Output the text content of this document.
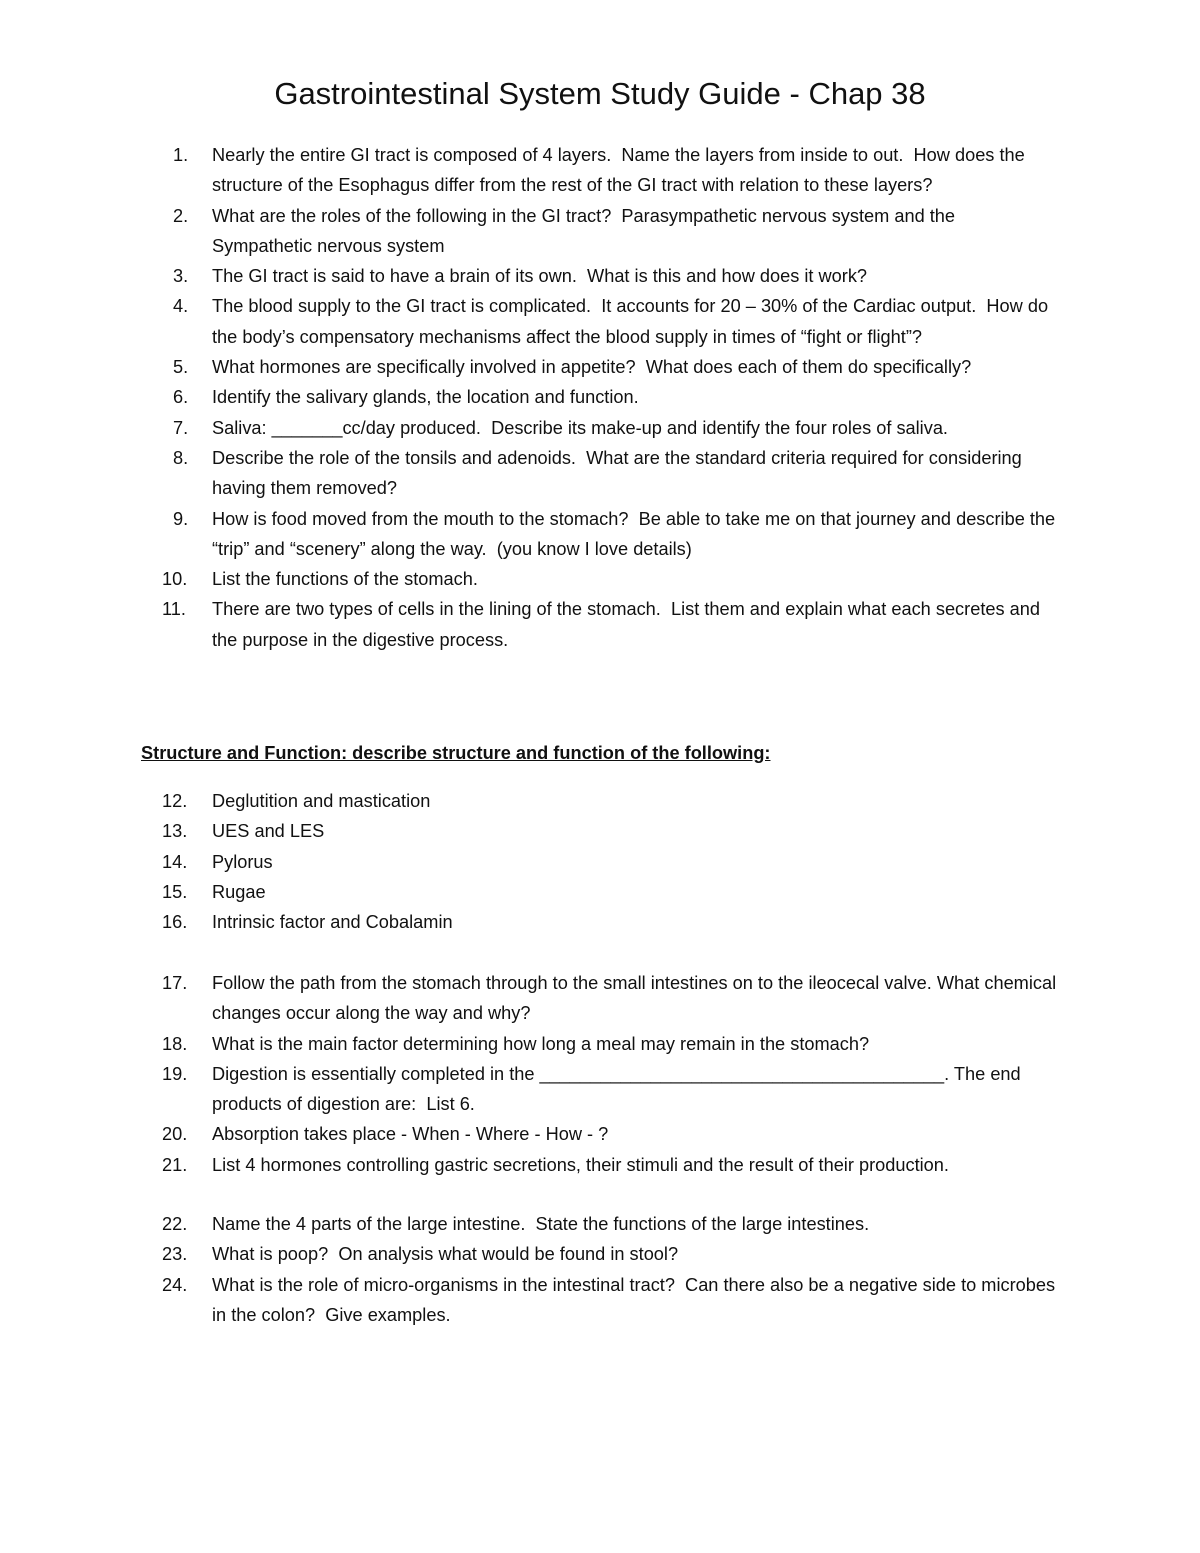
Gastrointestinal System Study Guide - Chap 38
1.	Nearly the entire GI tract is composed of 4 layers.  Name the layers from inside to out.  How does the structure of the Esophagus differ from the rest of the GI tract with relation to these layers?
2.	What are the roles of the following in the GI tract?  Parasympathetic nervous system and the Sympathetic nervous system
3.	The GI tract is said to have a brain of its own.  What is this and how does it work?
4.	The blood supply to the GI tract is complicated.  It accounts for 20 – 30% of the Cardiac output.  How do the body’s compensatory mechanisms affect the blood supply in times of “fight or flight”?
5.	What hormones are specifically involved in appetite?  What does each of them do specifically?
6.	Identify the salivary glands, the location and function.
7.	Saliva: _______cc/day produced.  Describe its make-up and identify the four roles of saliva.
8.	Describe the role of the tonsils and adenoids.  What are the standard criteria required for considering having them removed?
9.	How is food moved from the mouth to the stomach?  Be able to take me on that journey and describe the “trip” and “scenery” along the way.  (you know I love details)
10.	List the functions of the stomach.
11.	There are two types of cells in the lining of the stomach.  List them and explain what each secretes and the purpose in the digestive process.

Structure and Function: describe structure and function of the following:

12.	Deglutition and mastication
13.	UES and LES
14.	Pylorus
15.	Rugae
16.	Intrinsic factor and Cobalamin
17.	Follow the path from the stomach through to the small intestines on to the ileocecal valve. What chemical changes occur along the way and why?
18.	What is the main factor determining how long a meal may remain in the stomach?
19.	Digestion is essentially completed in the ________________________________________. The end products of digestion are:  List 6.
20.	Absorption takes place - When - Where - How - ?
21.	List 4 hormones controlling gastric secretions, their stimuli and the result of their production.
22.	Name the 4 parts of the large intestine.  State the functions of the large intestines.
23.	What is poop?  On analysis what would be found in stool?
24.	What is the role of micro-organisms in the intestinal tract?  Can there also be a negative side to microbes in the colon?  Give examples.
